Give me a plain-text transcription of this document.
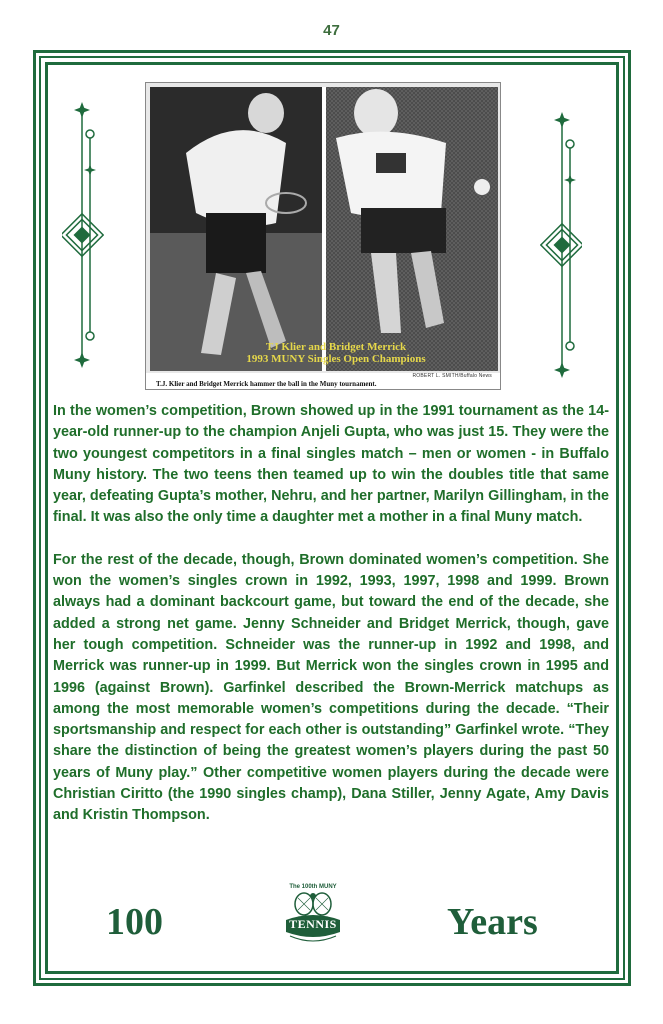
47
TJ Klier and Bridget Merrick
1993 MUNY Singles Open Champions
ROBERT L. SMITH/Buffalo News
T.J. Klier and Bridget Merrick hammer the ball in the Muny tournament.

In the women’s competition, Brown showed up in the 1991 tournament as the 14-year-old runner-up to the champion Anjeli Gupta, who was just 15. They were the two youngest competitors in a final singles match – men or women - in Buffalo Muny history. The two teens then teamed up to win the doubles title that same year, defeating Gupta’s mother, Nehru, and her partner, Marilyn Gillingham, in the final. It was also the only time a daughter met a mother in a final Muny match.

For the rest of the decade, though, Brown dominated women’s competition. She won the women’s singles crown in 1992, 1993, 1997, 1998 and 1999. Brown always had a dominant backcourt game, but toward the end of the decade, she added a strong net game. Jenny Schneider and Bridget Merrick, though, gave her tough competition. Schneider was the runner-up in 1992 and 1998, and Merrick was runner-up in 1999. But Merrick won the singles crown in 1995 and 1996 (against Brown). Garfinkel described the Brown-Merrick matchups as among the most memorable women’s competitions during the decade. “Their sportsmanship and respect for each other is outstanding” Garfinkel wrote. “They share the distinction of being the greatest women’s players during the past 50 years of Muny play.” Other competitive women players during the decade were Christian Ciritto (the 1990 singles champ), Dana Stiller, Jenny Agate, Amy Davis and Kristin Thompson.

100	Years
The 100th MUNY
TENNIS
